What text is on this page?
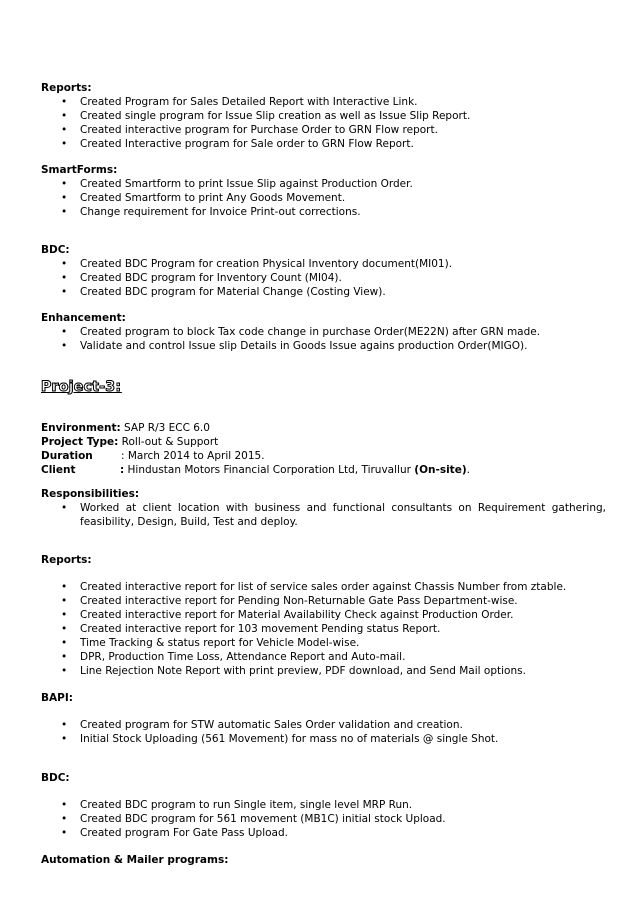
Reports:

• Created Program for Sales Detailed Report with Interactive Link.
• Created single program for Issue Slip creation as well as Issue Slip Report.
• Created interactive program for Purchase Order to GRN Flow report.
• Created Interactive program for Sale order to GRN Flow Report.

SmartForms:

• Created Smartform to print Issue Slip against Production Order.
• Created Smartform to print Any Goods Movement.
• Change requirement for Invoice Print-out corrections.

BDC:

• Created BDC Program for creation Physical Inventory document(MI01).
• Created BDC program for Inventory Count (MI04).
• Created BDC program for Material Change (Costing View).

Enhancement:

• Created program to block Tax code change in purchase Order(ME22N) after GRN made.
• Validate and control Issue slip Details in Goods Issue agains production Order(MIGO).

Project-3:

Environment: SAP R/3 ECC 6.0

Project Type: Roll-out & Support

Duration	: March 2014 to April 2015.

Client	: Hindustan Motors Financial Corporation Ltd, Tiruvallur (On-site).

Responsibilities:

• Worked at client location with business and functional consultants on Requirement gathering, feasibility, Design, Build, Test and deploy.

Reports:

• Created interactive report for list of service sales order against Chassis Number from ztable.
• Created interactive report for Pending Non-Returnable Gate Pass Department-wise.
• Created interactive report for Material Availability Check against Production Order.
• Created interactive report for 103 movement Pending status Report.
• Time Tracking & status report for Vehicle Model-wise.
• DPR, Production Time Loss, Attendance Report and Auto-mail.
• Line Rejection Note Report with print preview, PDF download, and Send Mail options.

BAPI:

• Created program for STW automatic Sales Order validation and creation.
• Initial Stock Uploading (561 Movement) for mass no of materials @ single Shot.

BDC:

• Created BDC program to run Single item, single level MRP Run.
• Created BDC program for 561 movement (MB1C) initial stock Upload.
• Created program For Gate Pass Upload.

Automation & Mailer programs:
